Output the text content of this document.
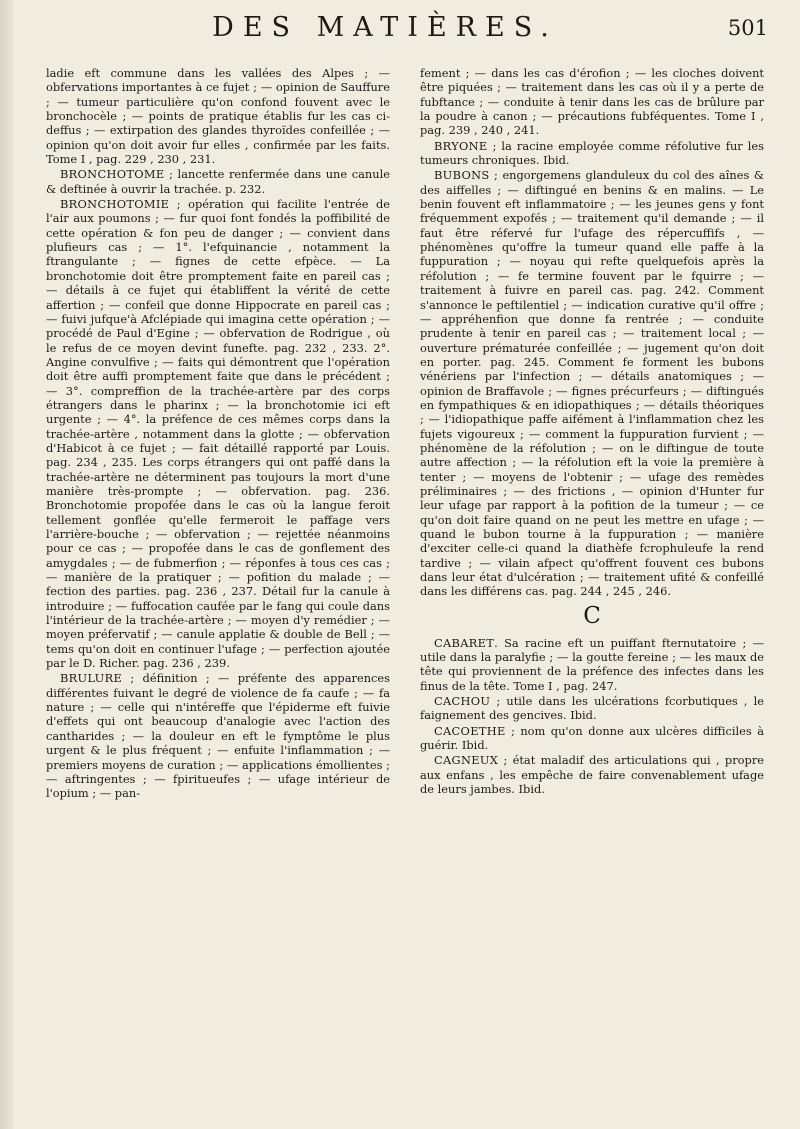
DES MATIÈRES.	501

ladie eft commune dans les vallées des Alpes ; — obfervations importantes à ce fujet ; — opinion de Sauffure ; — tumeur particulière qu'on confond fouvent avec le bronchocèle ; — points de pratique établis fur les cas ci-deffus ; — extirpation des glandes thyroïdes confeillée ; — opinion qu'on doit avoir fur elles , confirmée par les faits. Tome I , pag. 229 , 230 , 231.

BRONCHOTOME ; lancette renfermée dans une canule & deftinée à ouvrir la trachée. p. 232.

BRONCHOTOMIE ; opération qui facilite l'entrée de l'air aux poumons ; — fur quoi font fondés la poffibilité de cette opération & fon peu de danger ; — convient dans plufieurs cas ; — 1°. l'efquinancie , notamment la ftrangulante ; — fignes de cette efpèce. — La bronchotomie doit être promptement faite en pareil cas ; — détails à ce fujet qui établiffent la vérité de cette affertion ; — confeil que donne Hippocrate en pareil cas ; — fuivi jufque'à Afclépiade qui imagina cette opération ; — procédé de Paul d'Egine ; — obfervation de Rodrigue , où le refus de ce moyen devint funefte. pag. 232 , 233. 2°. Angine convulfive ; — faits qui démontrent que l'opération doit être auffi promptement faite que dans le précédent ; — 3°. compreffion de la trachée-artère par des corps étrangers dans le pharinx ; — la bronchotomie ici eft urgente ; — 4°. la préfence de ces mêmes corps dans la trachée-artère , notamment dans la glotte ; — obfervation d'Habicot à ce fujet ; — fait détaillé rapporté par Louis. pag. 234 , 235. Les corps étrangers qui ont paffé dans la trachée-artère ne déterminent pas toujours la mort d'une manière très-prompte ; — obfervation. pag. 236. Bronchotomie propofée dans le cas où la langue feroit tellement gonflée qu'elle fermeroit le paffage vers l'arrière-bouche ; — obfervation ; — rejettée néanmoins pour ce cas ; — propofée dans le cas de gonflement des amygdales ; — de fubmerfion ; — réponfes à tous ces cas ; — manière de la pratiquer ; — pofition du malade ; — fection des parties. pag. 236 , 237. Détail fur la canule à introduire ; — fuffocation caufée par le fang qui coule dans l'intérieur de la trachée-artère ; — moyen d'y remédier ; — moyen préfervatif ; — canule applatie & double de Bell ; — tems qu'on doit en continuer l'ufage ; — perfection ajoutée par le D. Richer. pag. 236 , 239.

BRULURE ; définition ; — préfente des apparences différentes fuivant le degré de violence de fa caufe ; — fa nature ; — celle qui n'intéreffe que l'épiderme eft fuivie d'effets qui ont beaucoup d'analogie avec l'action des cantharides ; — la douleur en eft le fymptôme le plus urgent & le plus fréquent ; — enfuite l'inflammation ; — premiers moyens de curation ; — applications émollientes ; — aftringentes ; — fpiritueufes ; — ufage intérieur de l'opium ; — pan-

fement ; — dans les cas d'érofion ; — les cloches doivent être piquées ; — traitement dans les cas où il y a perte de fubftance ; — conduite à tenir dans les cas de brûlure par la poudre à canon ; — précautions fubféquentes. Tome I , pag. 239 , 240 , 241.

BRYONE ; la racine employée comme réfolutive fur les tumeurs chroniques. Ibid.

BUBONS ; engorgemens glanduleux du col des aînes & des aiffelles ; — diftingué en benins & en malins. — Le benin fouvent eft inflammatoire ; — les jeunes gens y font fréquemment expofés ; — traitement qu'il demande ; — il faut être réfervé fur l'ufage des répercuffifs , — phénomènes qu'offre la tumeur quand elle paffe à la fuppuration ; — noyau qui refte quelquefois après la réfolution ; — fe termine fouvent par le fquirre ; — traitement à fuivre en pareil cas. pag. 242. Comment s'annonce le peftilentiel ; — indication curative qu'il offre ; — appréhenfion que donne fa rentrée ; — conduite prudente à tenir en pareil cas ; — traitement local ; — ouverture prématurée confeillée ; — jugement qu'on doit en porter. pag. 245. Comment fe forment les bubons vénériens par l'infection ; — détails anatomiques ; — opinion de Braffavole ; — fignes précurfeurs ; — diftingués en fympathiques & en idiopathiques ; — détails théoriques ; — l'idiopathique paffe aifément à l'inflammation chez les fujets vigoureux ; — comment la fuppuration furvient ; — phénomène de la réfolution ; — on le diftingue de toute autre affection ; — la réfolution eft la voie la première à tenter ; — moyens de l'obtenir ; — ufage des remèdes préliminaires ; — des frictions , — opinion d'Hunter fur leur ufage par rapport à la pofition de la tumeur ; — ce qu'on doit faire quand on ne peut les mettre en ufage ; — quand le bubon tourne à la fuppuration ; — manière d'exciter celle-ci quand la diathèfe fcrophuleufe la rend tardive ; — vilain afpect qu'offrent fouvent ces bubons dans leur état d'ulcération ; — traitement ufité & confeillé dans les différens cas. pag. 244 , 245 , 246.

C

CABARET. Sa racine eft un puiffant fternutatoire ; — utile dans la paralyfie ; — la goutte fereine ; — les maux de tête qui proviennent de la préfence des infectes dans les finus de la tête. Tome I , pag. 247.

CACHOU ; utile dans les ulcérations fcorbutiques , le faignement des gencives. Ibid.

CACOETHE ; nom qu'on donne aux ulcères difficiles à guérir. Ibid.

CAGNEUX ; état maladif des articulations qui , propre aux enfans , les empêche de faire convenablement ufage de leurs jambes. Ibid.
